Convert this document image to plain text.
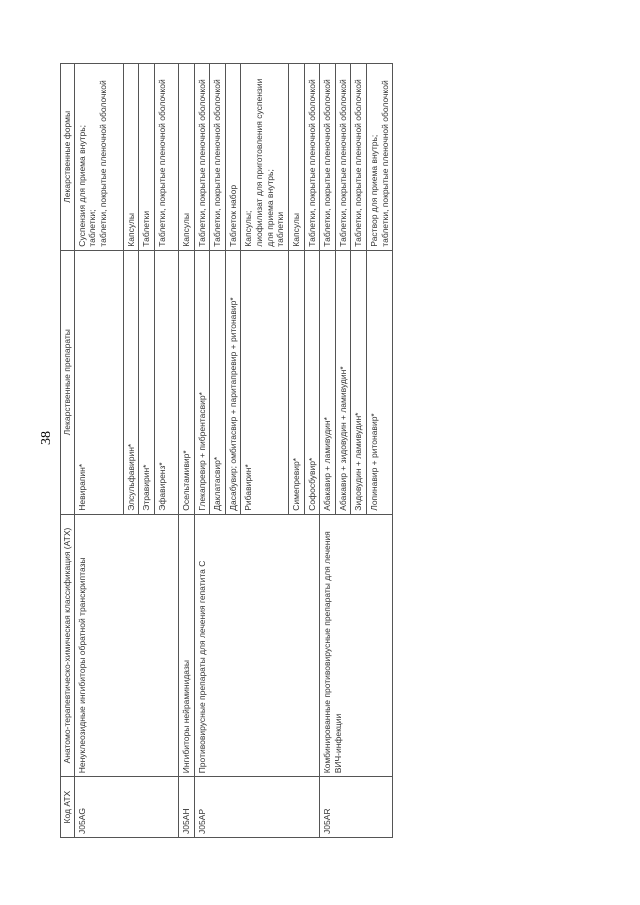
38
Код АТХ	Анатомо-терапевтическо-химическая классификация (АТХ)	Лекарственные препараты	Лекарственные формы
J05AG	Ненуклеозидные ингибиторы обратной транскриптазы	Невирапин*	Суспензия для приема внутрь; таблетки; таблетки, покрытые пленочной оболочкой

		Элсульфавирин*	Капсулы
		Этравирин*	Таблетки
		Эфавиренз*	Таблетки, покрытые пленочной оболочкой
J05AH	Ингибиторы нейраминидазы	Осельтамивир*	Капсулы
J05AP	Противовирусные препараты для лечения гепатита С	Глекапревир + пибрентасвир*	Таблетки, покрытые пленочной оболочкой
		Даклатасвир*	Таблетки, покрытые пленочной оболочкой
		Дасабувир; омбитасвир + паритапревир + ритонавир*	Таблеток набор
		Рибавирин*	Капсулы; лиофилизат для приготовления суспензии для приема внутрь; таблетки

		Симепревир*	Капсулы
		Софосбувир*	Таблетки, покрытые пленочной оболочкой
J05AR	Комбинированные противовирусные препараты для лечения ВИЧ-инфекции	Абакавир + ламивудин*	Таблетки, покрытые пленочной оболочкой
		Абакавир + зидовудин + ламивудин*	Таблетки, покрытые пленочной оболочкой
		Зидовудин + ламивудин*	Таблетки, покрытые пленочной оболочкой
		Лопинавир + ритонавир*	Раствор для приема внутрь; таблетки, покрытые пленочной оболочкой
